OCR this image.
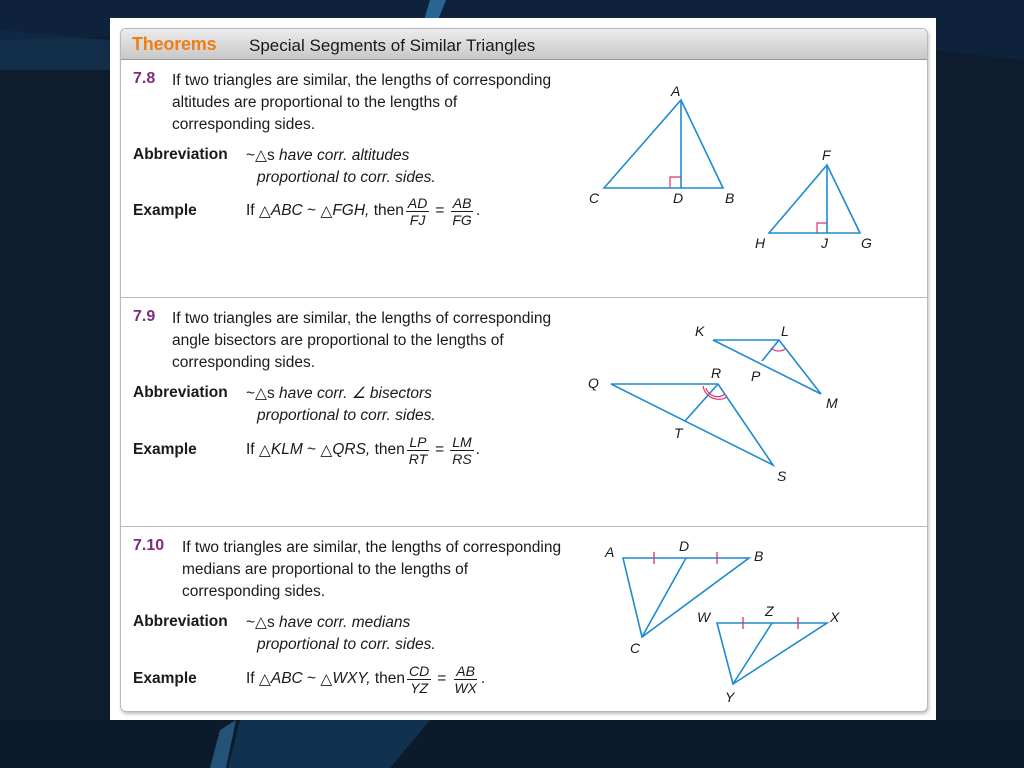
Theorems Special Segments of Similar Triangles
7.8 If two triangles are similar, the lengths of corresponding altitudes are proportional to the lengths of corresponding sides.
Abbreviation ~△s have corr. altitudes
proportional to corr. sides.
Example	If △ ABC
~ △ FGH,
then $\frac{AD}{FJ} = \frac{AB}{FG}$ .
A
C	D	B
F
H	J G
7.9 If two triangles are similar, the lengths of corresponding angle bisectors are proportional to the lengths of corresponding sides.
Abbreviation ~△s have corr. ∠ bisectors
proportional to corr. sides.
Example	If △ KLM
~ △ QRS,
then $\frac{LP}{RT} = \frac{LM}{RS}$ .
K	L
P
M
Q
R
T
S
7.10 If two triangles are similar, the lengths of corresponding medians are proportional to the lengths of corresponding sides.
Abbreviation ~△s have corr. medians
proportional to corr. sides.
Example	If △ ABC
~ △ WXY,
then $\frac{CD}{YZ} = \frac{AB}{WX}$ .
A	D
B
C
W	Z	X
Y
